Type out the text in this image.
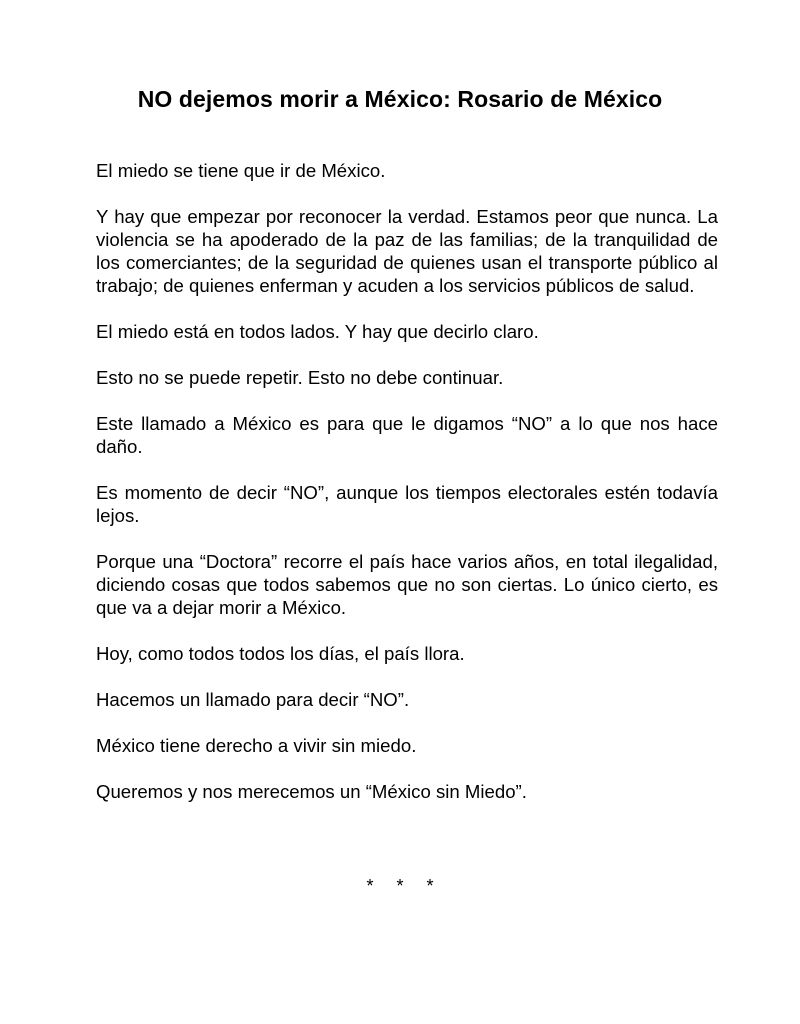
NO dejemos morir a México: Rosario de México

El miedo se tiene que ir de México.

Y hay que empezar por reconocer la verdad. Estamos peor que nunca. La violencia se ha apoderado de la paz de las familias; de la tranquilidad de los comerciantes; de la seguridad de quienes usan el transporte público al trabajo; de quienes enferman y acuden a los servicios públicos de salud.

El miedo está en todos lados. Y hay que decirlo claro.

Esto no se puede repetir. Esto no debe continuar.

Este llamado a México es para que le digamos “NO” a lo que nos hace daño.

Es momento de decir “NO”, aunque los tiempos electorales estén todavía lejos.

Porque una “Doctora” recorre el país hace varios años, en total ilegalidad, diciendo cosas que todos sabemos que no son ciertas. Lo único cierto, es que va a dejar morir a México.

Hoy, como todos todos los días, el país llora.

Hacemos un llamado para decir “NO”.

México tiene derecho a vivir sin miedo.

Queremos y nos merecemos un “México sin Miedo”.

* * *
